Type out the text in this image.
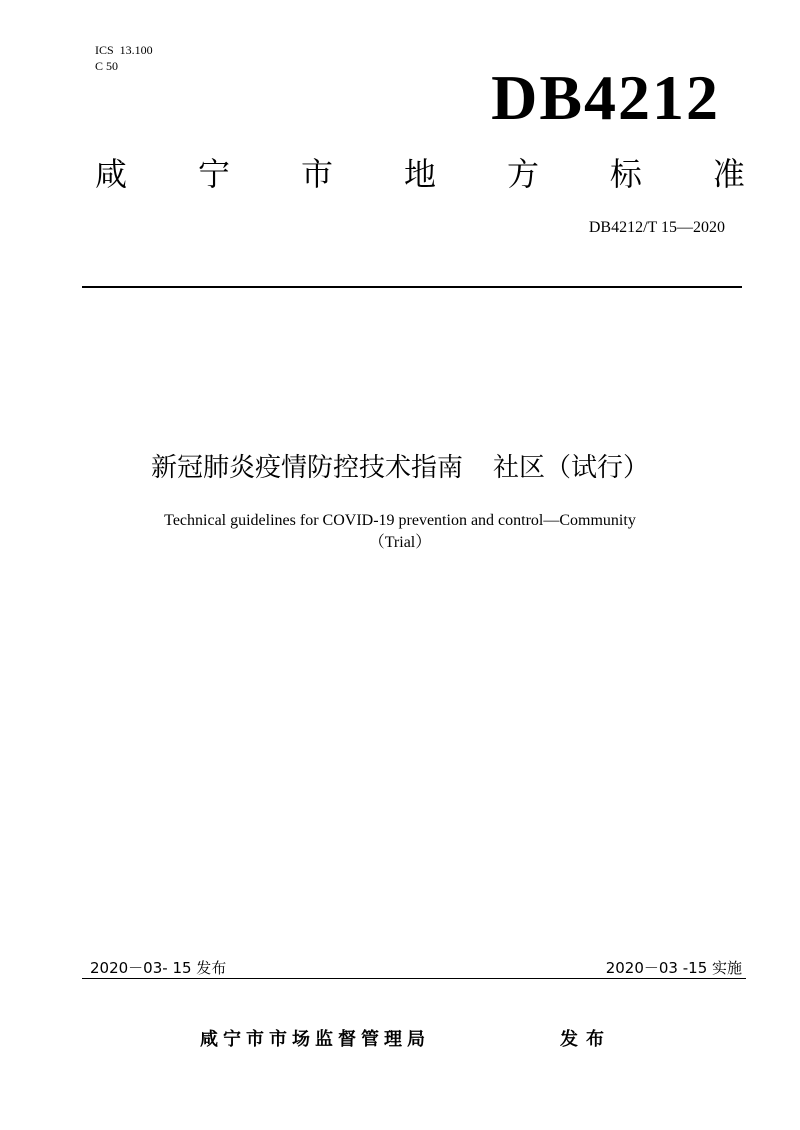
ICS  13.100
C 50	DB4212
咸 宁 市 地 方 标 准
DB4212/T 15—2020
新冠肺炎疫情防控技术指南 社区（试行）
Technical guidelines for COVID-19 prevention and control—Community
（Trial）
2020－03- 15 发布	2020－03 -15 实施
咸宁市市场监督管理局	发布
